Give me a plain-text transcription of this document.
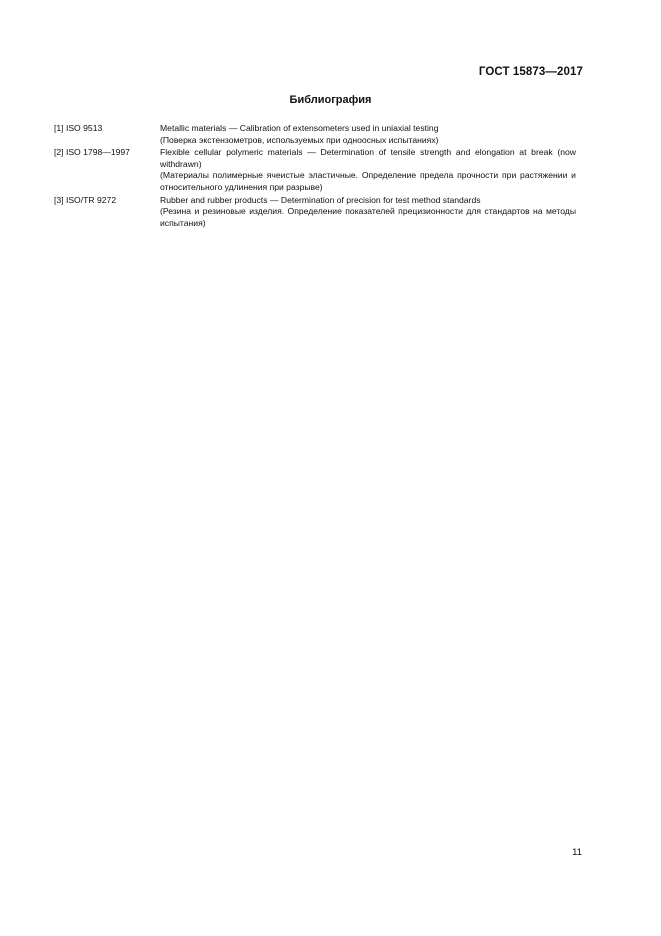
ГОСТ 15873—2017
Библиография
[1] ISO 9513	Metallic materials — Calibration of extensometers used in uniaxial testing
(Поверка экстензометров, используемых при одноосных испытаниях)
[2] ISO 1798—1997	Flexible cellular polymeric materials — Determination of tensile strength and elongation at break (now withdrawn)
(Материалы полимерные ячеистые эластичные. Определение предела прочности при растяжении и относительного удлинения при разрыве)
[3] ISO/TR 9272	Rubber and rubber products — Determination of precision for test method standards
(Резина и резиновые изделия. Определение показателей прецизионности для стандартов на методы испытания)
11
